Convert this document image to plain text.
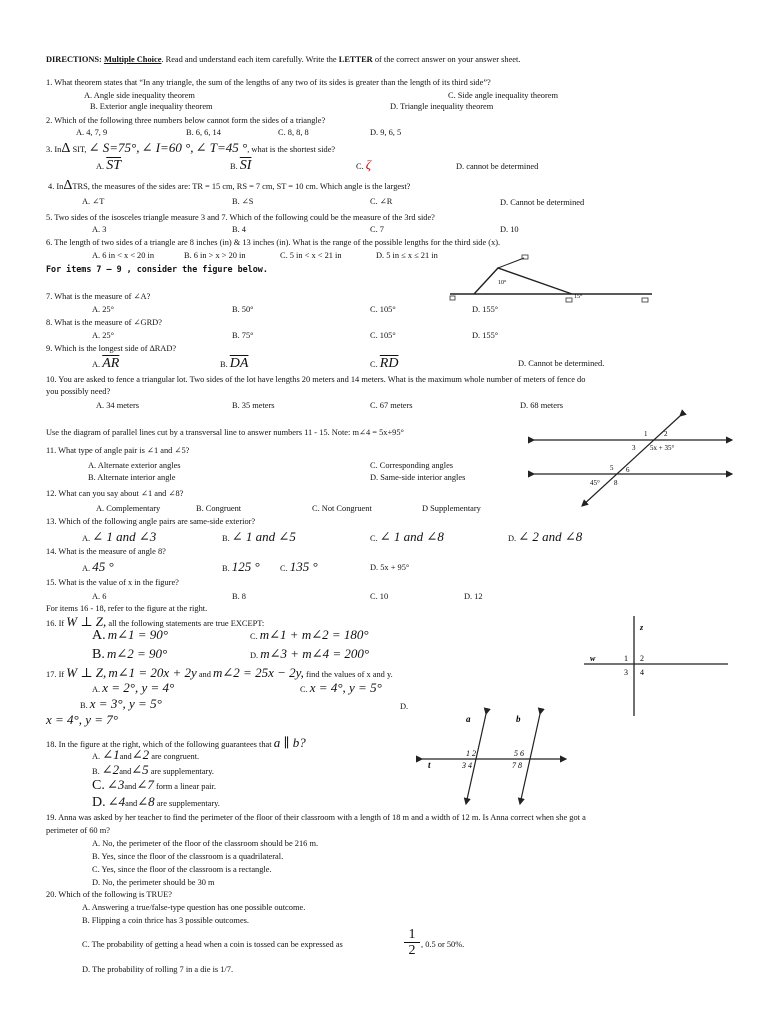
DIRECTIONS: Multiple Choice. Read and understand each item carefully. Write the LETTER of the correct answer on your answer sheet.
1. What theorem states that “In any triangle, the sum of the lengths of any two of its sides is greater than the length of its third side”?
A. Angle side inequality theorem	C. Side angle inequality theorem
B. Exterior angle inequality theorem	D. Triangle inequality theorem
2. Which of the following three numbers below cannot form the sides of a triangle?
A. 4, 7, 9	B. 6, 6, 14	C. 8, 8, 8	D. 9, 6, 5
3. InΔ SIT, ∠ S=75°, ∠ I=60 °, ∠ T=45 °, what is the shortest side?
A. $\overline{ST}$	B. $\overline{SI}$	C. ζ	D. cannot be determined
4. InΔTRS, the measures of the sides are: TR = 15 cm, RS = 7 cm, ST = 10 cm. Which angle is the largest?
A. ∠T	B. ∠S	C. ∠R	D. Cannot be determined
5. Two sides of the isosceles triangle measure 3 and 7. Which of the following could be the measure of the 3rd side?
A. 3	B. 4	C. 7	D. 10
6. The length of two sides of a triangle are 8 inches (in) & 13 inches (in). What is the range of the possible lengths for the third side (x).
A. 6 in < x < 20 in	B. 6 in > x > 20 in	C. 5 in < x < 21 in	D. 5 in ≤ x ≤ 21 in
For items 7 – 9 , consider the figure below.
10°
15°
7. What is the measure of ∠A?
A. 25°	B. 50°	C. 105°	D. 155°
8. What is the measure of ∠GRD?
A. 25°	B. 75°	C. 105°	D. 155°
9. Which is the longest side of ∆RAD?
A. $\overline{AR}$	B. $\overline{DA}$	C. $\overline{RD}$	D. Cannot be determined.
10. You are asked to fence a triangular lot. Two sides of the lot have lengths 20 meters and 14 meters. What is the maximum whole number of meters of fence do
you possibly need?
A. 34 meters	B. 35 meters	C. 67 meters	D. 68 meters
Use the diagram of parallel lines cut by a transversal line to answer numbers 11 - 15. Note: m∠4 = 5x+95°	1 2
3 5x + 35°
5 6
45° 8
11. What type of angle pair is ∠1 and ∠5?
A. Alternate exterior angles	C. Corresponding angles
B. Alternate interior angle	D. Same-side interior angles
12. What can you say about ∠1 and ∠8?
A. Complementary	B. Congruent	C. Not Congruent	D Supplementary
13. Which of the following angle pairs are same-side exterior?
A. ∠ 1 and ∠3	B. ∠ 1 and ∠5	C. ∠ 1 and ∠8	D. ∠ 2 and ∠8
14. What is the measure of angle 8?
A. 45 °	B. 125 ° C. 135 °	D. 5x + 95°
15. What is the value of x in the figure?
A. 6	B. 8	C. 10	D. 12
For items 16 - 18, refer to the figure at the right.
16. If W ⊥ Z, all the following statements are true EXCEPT:
A. m∠1 = 90°	C. m∠1 + m∠2 = 180°
B. m∠2 = 90°	D. m∠3 + m∠4 = 200°
z
w	1 2
3 4
17. If W ⊥ Z, m∠1 = 20x + 2y and m∠2 = 25x − 2y, find the values of x and y.
A. x = 2°, y = 4°	C. x = 4°, y = 5°
B. x = 3°, y = 5°	D.
x = 4°, y = 7°
18. In the figure at the right, which of the following guarantees that a ∥ b?
A. ∠1and∠2 are congruent.
B. ∠2and∠5 are supplementary.
C. ∠3and∠7 form a linear pair.
D. ∠4and∠8 are supplementary.
a	b
t
1 2
3 4
5 6
7 8
19. Anna was asked by her teacher to find the perimeter of the floor of their classroom with a length of 18 m and a width of 12 m. Is Anna correct when she got a
perimeter of 60 m?
A. No, the perimeter of the floor of the classroom should be 216 m.
B. Yes, since the floor of the classroom is a quadrilateral.
C. Yes, since the floor of the classroom is a rectangle.
D. No, the perimeter should be 30 m
20. Which of the following is TRUE?
A. Answering a true/false-type question has one possible outcome.
B. Flipping a coin thrice has 3 possible outcomes.
C. The probability of getting a head when a coin is tossed can be expressed as	$\frac{1}{2}$ , 0.5 or 50%.
D. The probability of rolling 7 in a die is 1/7.
